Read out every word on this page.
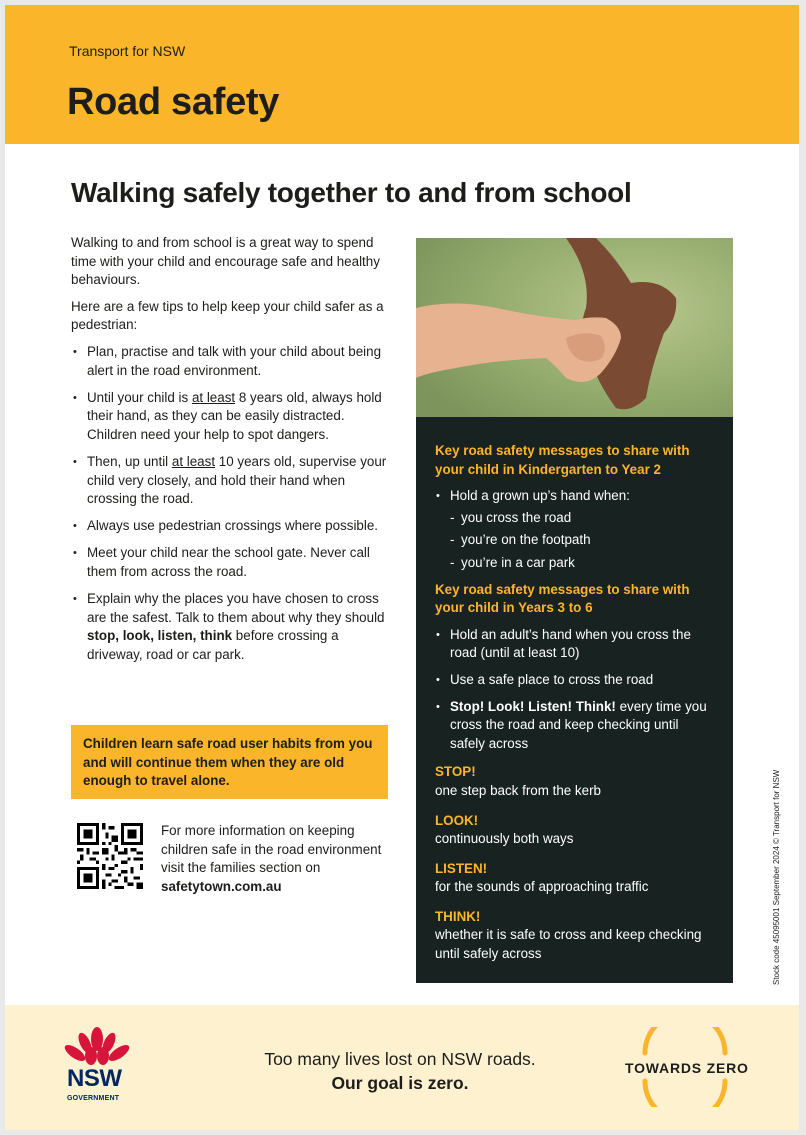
Transport for NSW
Road safety
Walking safely together to and from school

Walking to and from school is a great way to spend time with your child and encourage safe and healthy behaviours.

Here are a few tips to help keep your child safer as a pedestrian:

• Plan, practise and talk with your child about being alert in the road environment.
• Until your child is at least 8 years old, always hold their hand, as they can be easily distracted. Children need your help to spot dangers.
• Then, up until at least 10 years old, supervise your child very closely, and hold their hand when crossing the road.
• Always use pedestrian crossings where possible.
• Meet your child near the school gate. Never call them from across the road.
• Explain why the places you have chosen to cross are the safest. Talk to them about why they should stop, look, listen, think before crossing a driveway, road or car park.
Children learn safe road user habits from you and will continue them when they are old enough to travel alone.
For more information on keeping children safe in the road environment visit the families section on safetytown.com.au
Key road safety messages to share with your child in Kindergarten to Year 2
• Hold a grown up’s hand when:
- you cross the road
- you’re on the footpath
- you’re in a car park
Key road safety messages to share with your child in Years 3 to 6
• Hold an adult’s hand when you cross the road (until at least 10)
• Use a safe place to cross the road
• Stop! Look! Listen! Think! every time you cross the road and keep checking until safely across
STOP!
one step back from the kerb
LOOK!
continuously both ways
LISTEN!
for the sounds of approaching traffic
THINK!
whether it is safe to cross and keep checking until safely across	Stock code 45095001 September 2024 © Transport for NSW
NSW
GOVERNMENT
Too many lives lost on NSW roads.
Our goal is zero.
TOWARDS ZERO
